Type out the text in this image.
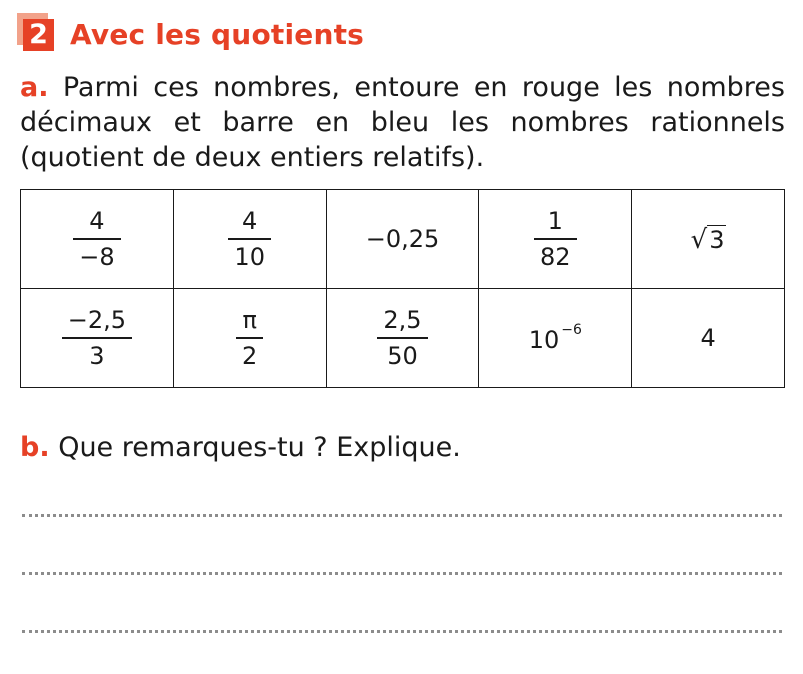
2 Avec les quotients
a. Parmi ces nombres, entoure en rouge les nombres
décimaux et barre en bleu les nombres rationnels
(quotient de deux entiers relatifs).
$\frac{4}{-8}$	$\frac{4}{10}$	−0,25	$\frac{1}{82}$	√ 3

$\frac{-2,5}{3}$	$\frac{\pi}{2}$	$\frac{2,5}{50}$	10 $^{-6}$	4
b. Que remarques-tu ? Explique.
